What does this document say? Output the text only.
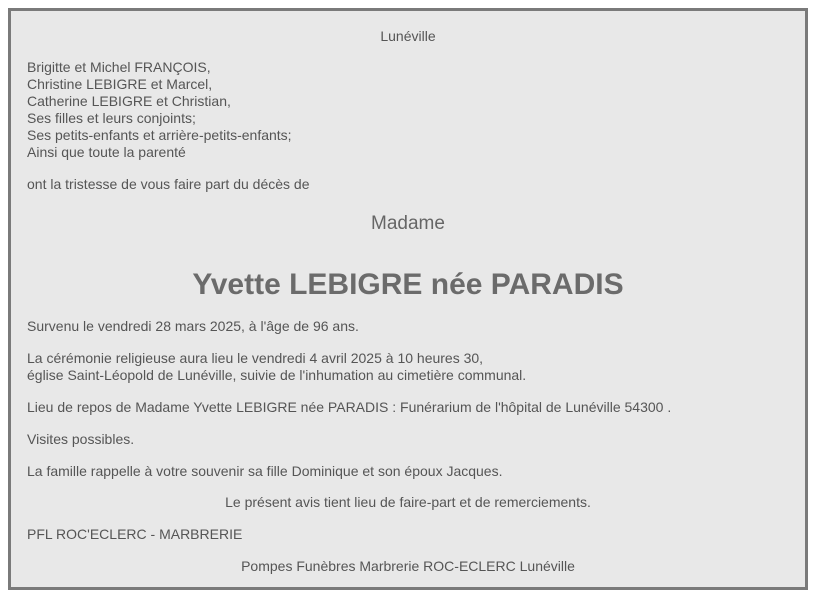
Lunéville
Brigitte et Michel FRANÇOIS,
Christine LEBIGRE et Marcel,
Catherine LEBIGRE et Christian,
Ses filles et leurs conjoints;
Ses petits-enfants et arrière-petits-enfants;
Ainsi que toute la parenté
ont la tristesse de vous faire part du décès de
Madame
Yvette LEBIGRE née PARADIS
Survenu le vendredi 28 mars 2025, à l'âge de 96 ans.
La cérémonie religieuse aura lieu le vendredi 4 avril 2025 à 10 heures 30,
église Saint-Léopold de Lunéville, suivie de l'inhumation au cimetière communal.
Lieu de repos de Madame Yvette LEBIGRE née PARADIS : Funérarium de l'hôpital de Lunéville 54300 .
Visites possibles.
La famille rappelle à votre souvenir sa fille Dominique et son époux Jacques.
Le présent avis tient lieu de faire-part et de remerciements.
PFL ROC'ECLERC - MARBRERIE
Pompes Funèbres Marbrerie ROC-ECLERC Lunéville
